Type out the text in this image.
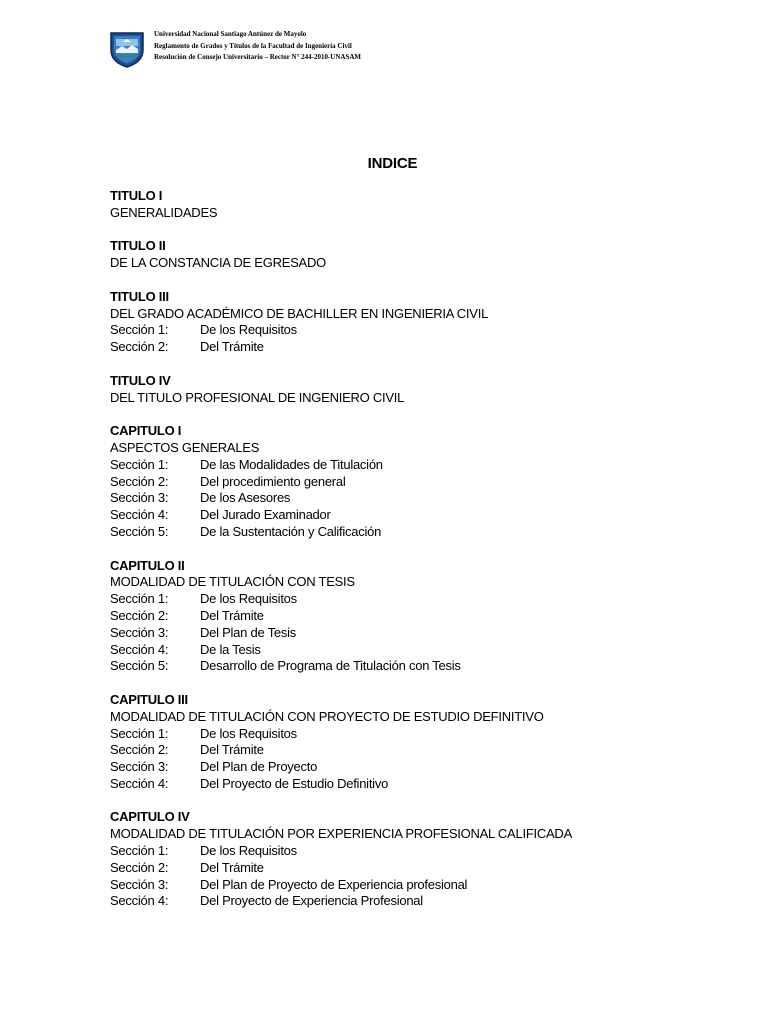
Universidad Nacional Santiago Antúnez de Mayolo
Reglamento de Grados y Títulos de la Facultad de Ingeniería Civil
Resolución de Consejo Universitario – Rector N° 244-2010-UNASAM
INDICE
TITULO I
GENERALIDADES
TITULO II
DE LA CONSTANCIA DE EGRESADO
TITULO III
DEL GRADO ACADÉMICO DE BACHILLER EN INGENIERIA CIVIL
Sección 1: De los Requisitos
Sección 2: Del Trámite
TITULO IV
DEL TITULO PROFESIONAL DE INGENIERO CIVIL
CAPITULO I
ASPECTOS GENERALES
Sección 1: De las Modalidades de Titulación
Sección 2: Del procedimiento general
Sección 3: De los Asesores
Sección 4: Del Jurado Examinador
Sección 5: De la Sustentación y Calificación
CAPITULO II
MODALIDAD DE TITULACIÓN CON TESIS
Sección 1: De los Requisitos
Sección 2: Del Trámite
Sección 3: Del Plan de Tesis
Sección 4: De la Tesis
Sección 5: Desarrollo de Programa de Titulación con Tesis
CAPITULO III
MODALIDAD DE TITULACIÓN CON PROYECTO DE ESTUDIO DEFINITIVO
Sección 1: De los Requisitos
Sección 2: Del Trámite
Sección 3: Del Plan de Proyecto
Sección 4: Del Proyecto de Estudio Definitivo
CAPITULO IV
MODALIDAD DE TITULACIÓN POR EXPERIENCIA PROFESIONAL CALIFICADA
Sección 1: De los Requisitos
Sección 2: Del Trámite
Sección 3: Del Plan de Proyecto de Experiencia profesional
Sección 4: Del Proyecto de Experiencia Profesional
